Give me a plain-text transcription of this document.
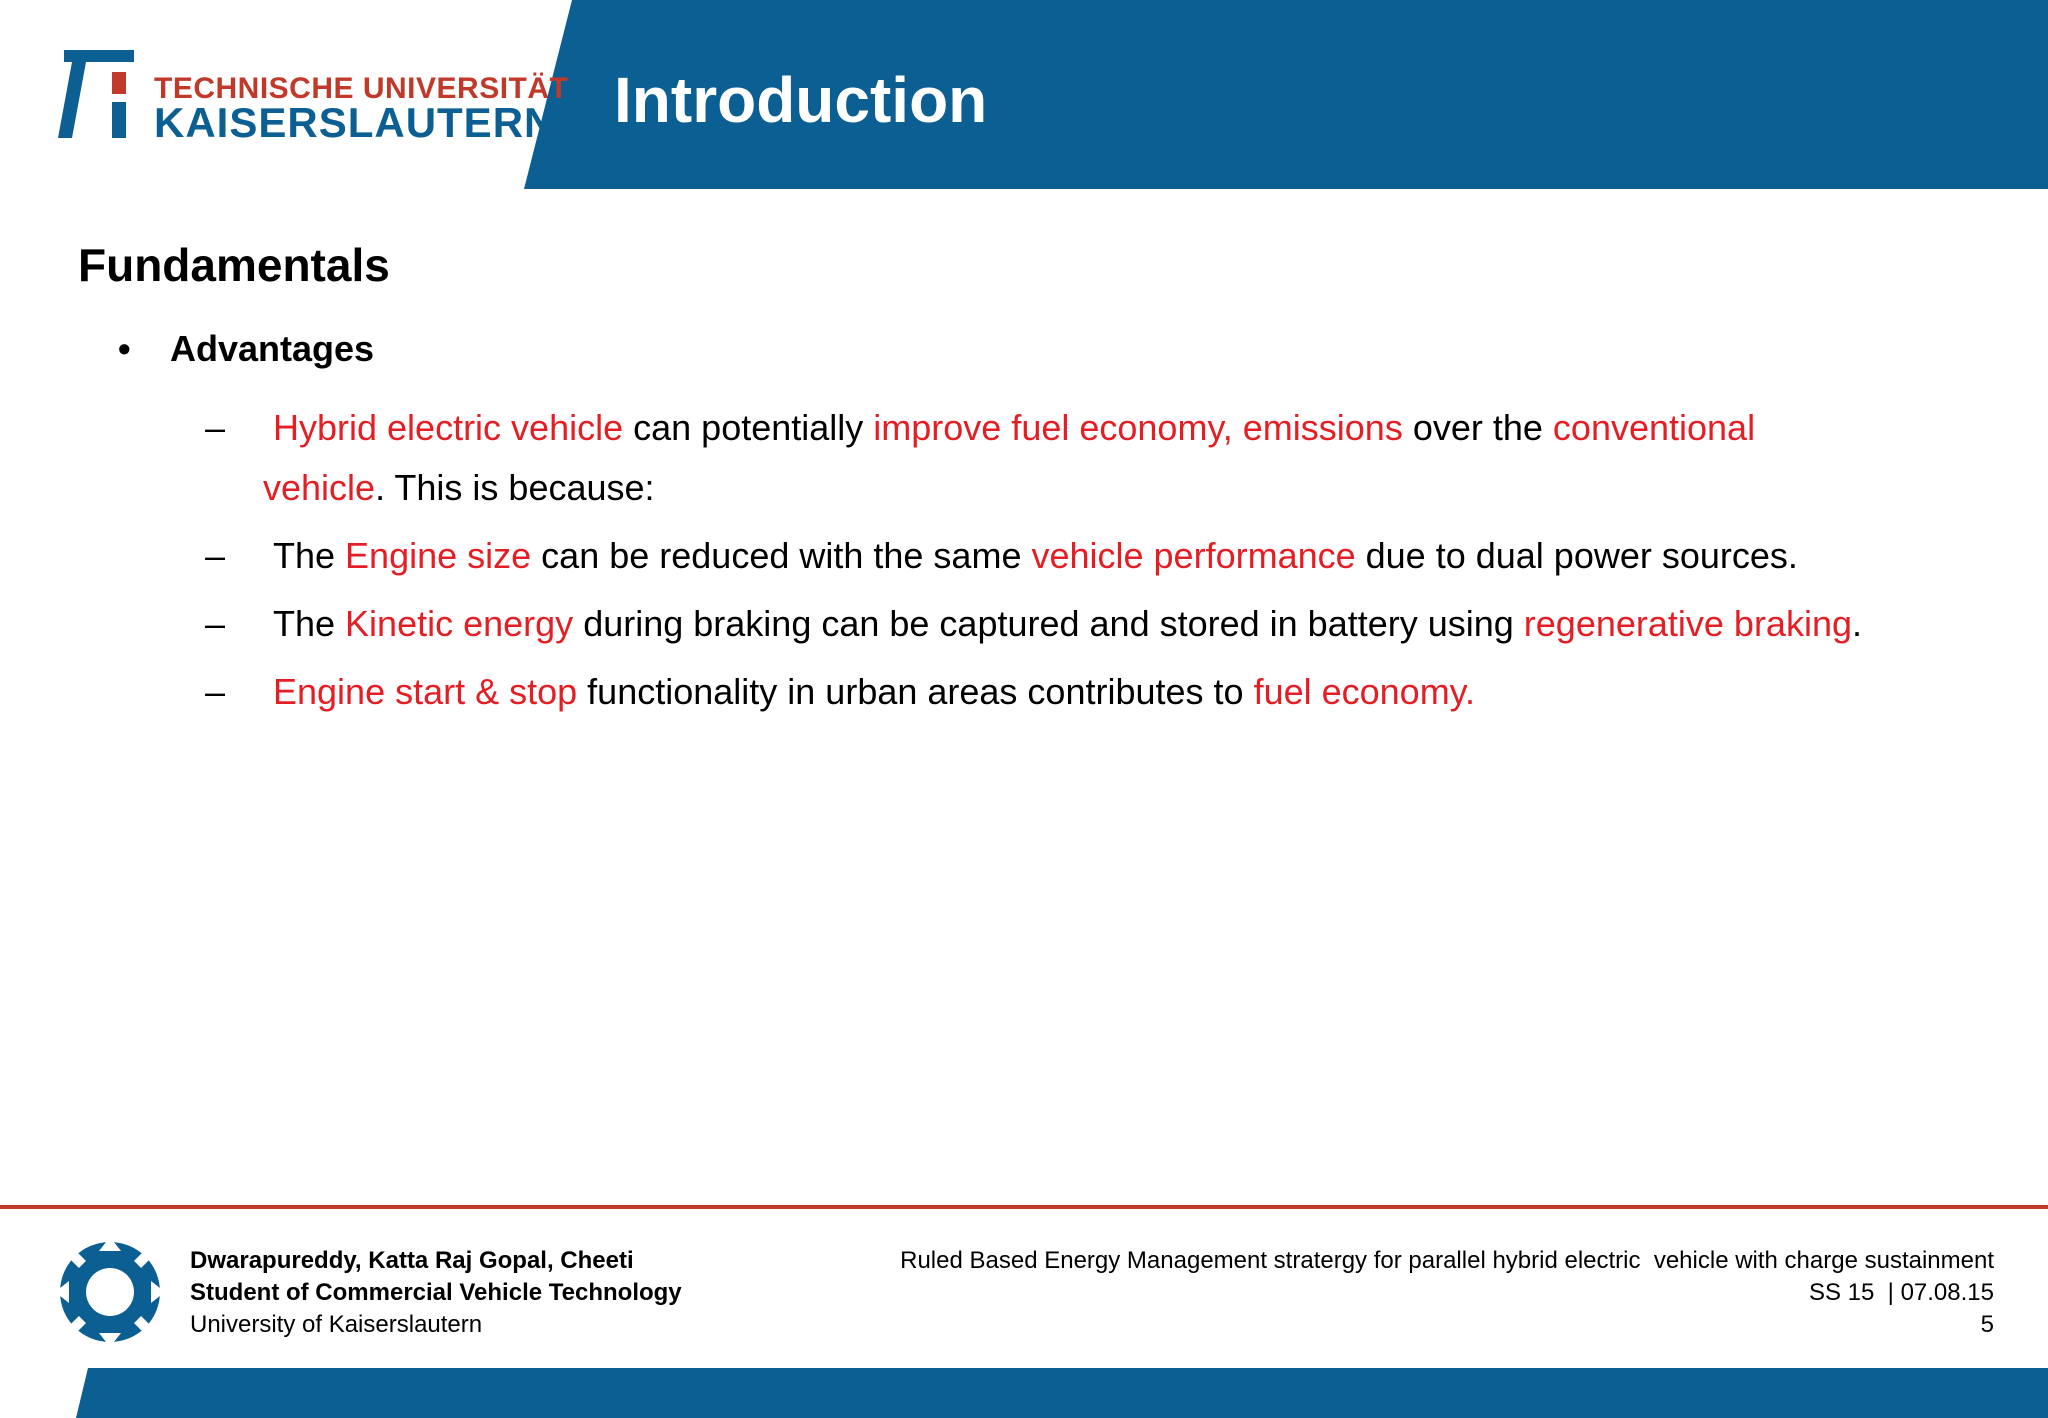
TECHNISCHE UNIVERSITÄT
KAISERSLAUTERN Introduction
Fundamentals
• Advantages
– Hybrid electric vehicle can potentially improve fuel economy, emissions over the conventional
vehicle. This is because:
– The Engine size can be reduced with the same vehicle performance due to dual power sources.
– The Kinetic energy during braking can be captured and stored in battery using regenerative braking.
– Engine start & stop functionality in urban areas contributes to fuel economy.
Dwarapureddy, Katta Raj Gopal, Cheeti
Student of Commercial Vehicle Technology
University of Kaiserslautern
Ruled Based Energy Management stratergy for parallel hybrid electric  vehicle with charge sustainment
SS 15  | 07.08.15
5
